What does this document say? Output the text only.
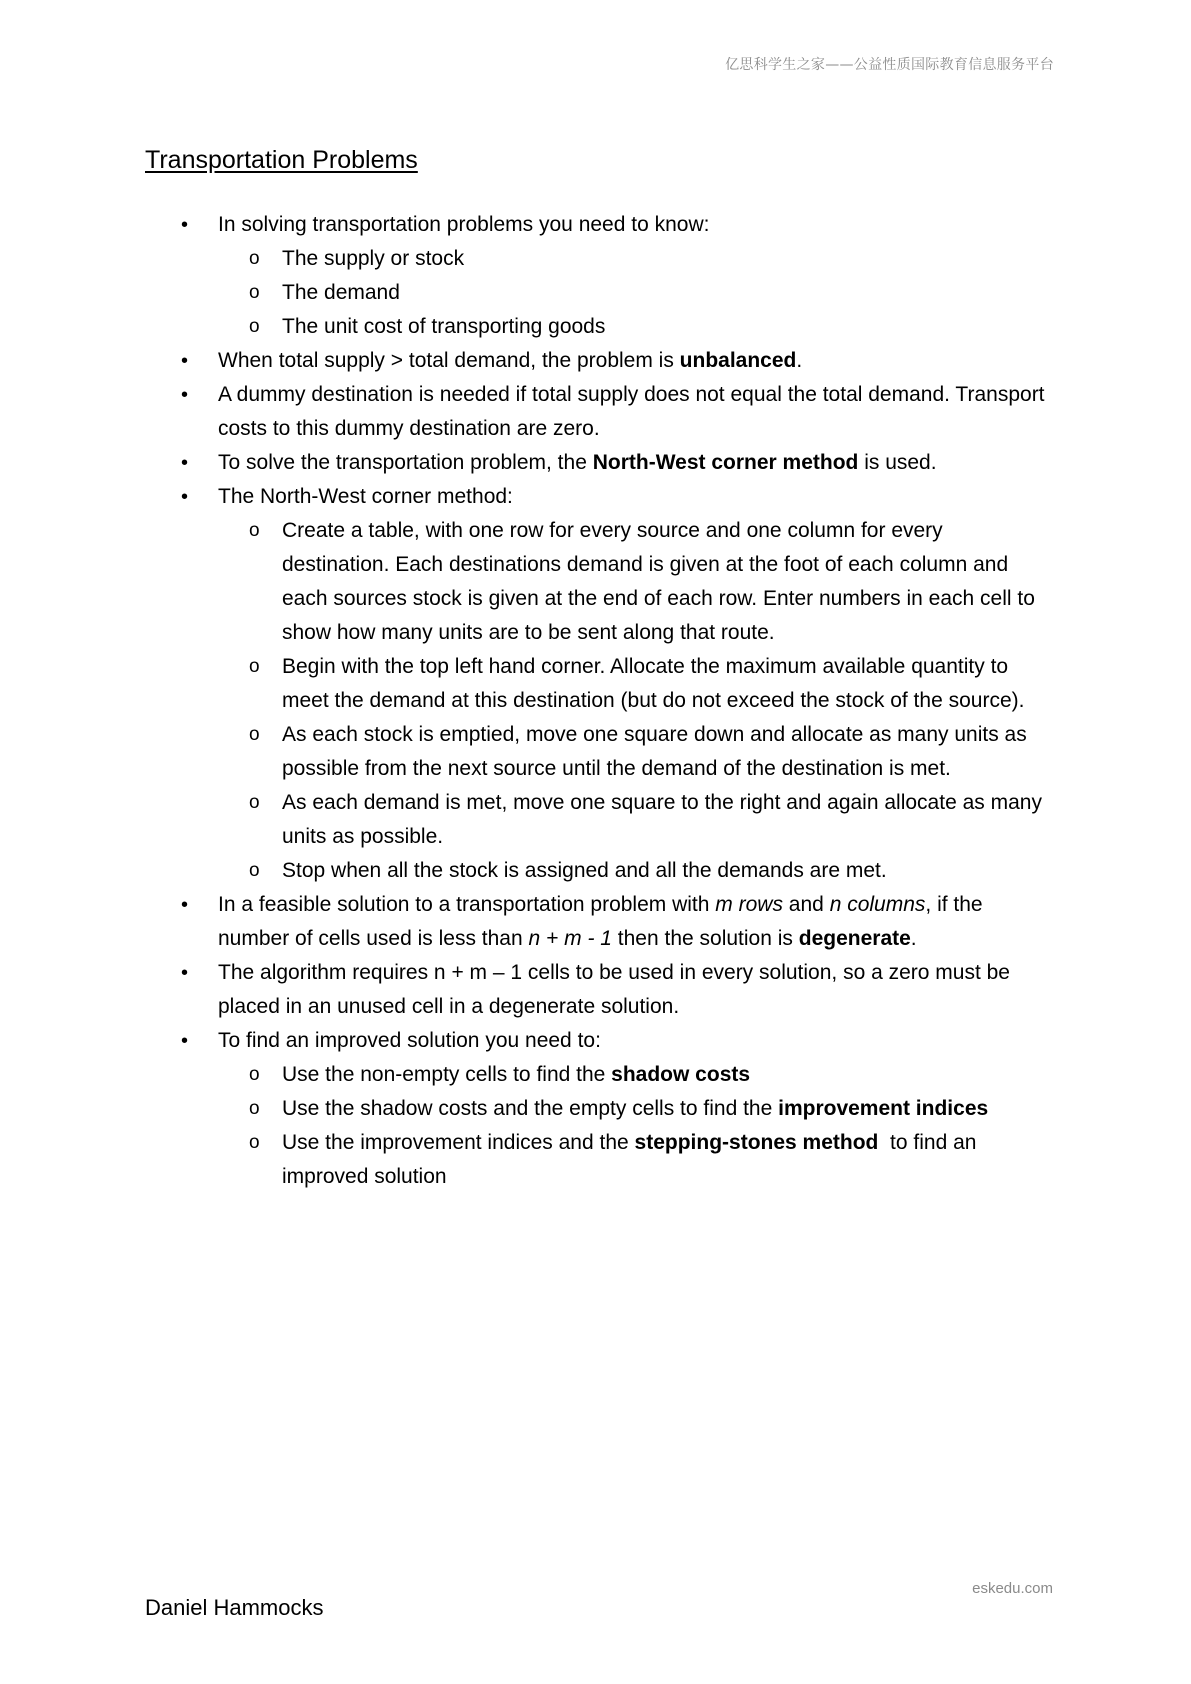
亿思科学生之家——公益性质国际教育信息服务平台
Transportation Problems
• In solving transportation problems you need to know:
o The supply or stock
o The demand
o The unit cost of transporting goods
• When total supply > total demand, the problem is unbalanced.
• A dummy destination is needed if total supply does not equal the total demand. Transport costs to this dummy destination are zero.
• To solve the transportation problem, the North-West corner method is used.
• The North-West corner method:
o Create a table, with one row for every source and one column for every destination. Each destinations demand is given at the foot of each column and each sources stock is given at the end of each row. Enter numbers in each cell to show how many units are to be sent along that route.
o Begin with the top left hand corner. Allocate the maximum available quantity to meet the demand at this destination (but do not exceed the stock of the source).
o As each stock is emptied, move one square down and allocate as many units as possible from the next source until the demand of the destination is met.
o As each demand is met, move one square to the right and again allocate as many units as possible.
o Stop when all the stock is assigned and all the demands are met.
• In a feasible solution to a transportation problem with m rows and n columns, if the number of cells used is less than n + m - 1 then the solution is degenerate.
• The algorithm requires n + m – 1 cells to be used in every solution, so a zero must be placed in an unused cell in a degenerate solution.
• To find an improved solution you need to:
o Use the non-empty cells to find the shadow costs
o Use the shadow costs and the empty cells to find the improvement indices
o Use the improvement indices and the stepping-stones method  to find an improved solution
eskedu.com
Daniel Hammocks
